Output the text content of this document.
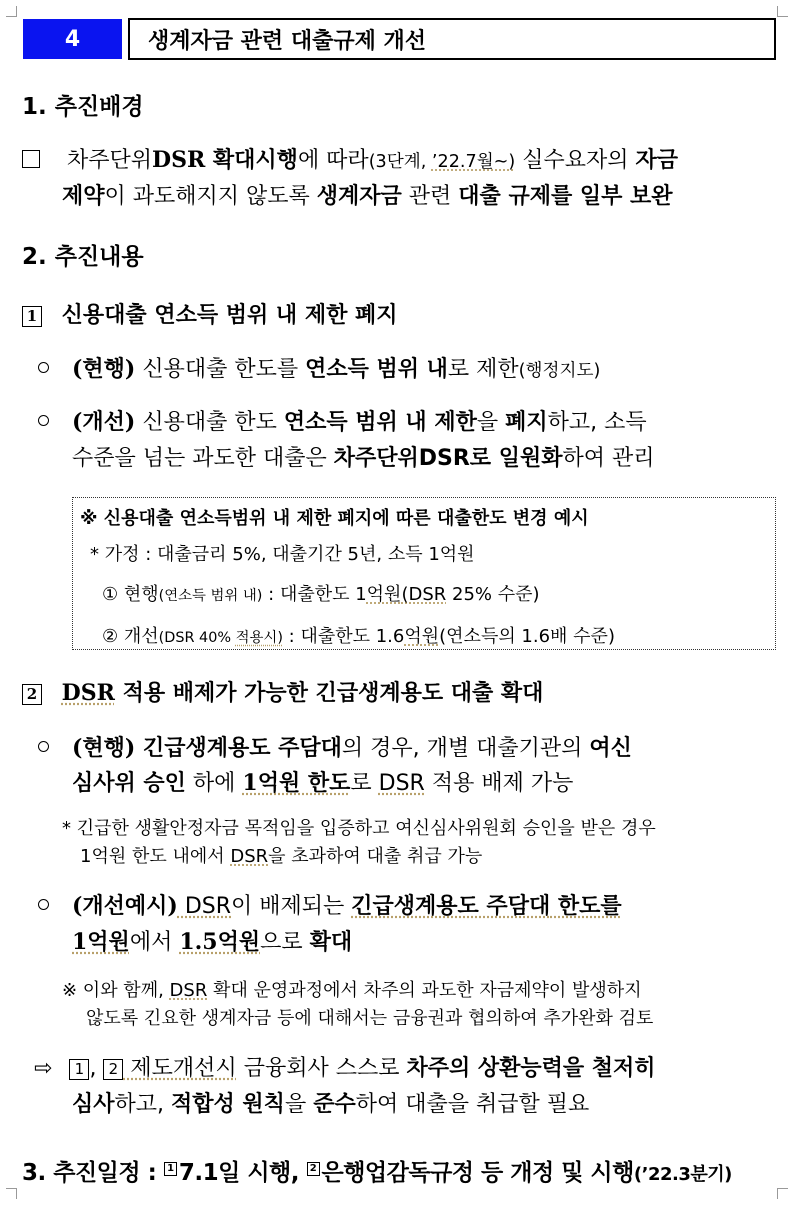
4	생계자금 관련 대출규제 개선
1. 추진배경
차주단위DSR 확대시행에 따라(3단계, ’22.7월~) 실수요자의 자금
제약이 과도해지지 않도록 생계자금 관련 대출 규제를 일부 보완
2. 추진내용
1 신용대출 연소득 범위 내 제한 폐지
(현행) 신용대출 한도를 연소득 범위 내로 제한(행정지도)
(개선) 신용대출 한도 연소득 범위 내 제한을 폐지하고, 소득
수준을 넘는 과도한 대출은 차주단위DSR로 일원화하여 관리
※ 신용대출 연소득범위 내 제한 폐지에 따른 대출한도 변경 예시
* 가정 : 대출금리 5%, 대출기간 5년, 소득 1억원
① 현행(연소득 범위 내) : 대출한도 1억원(DSR 25% 수준)
② 개선(DSR 40% 적용시) : 대출한도 1.6억원(연소득의 1.6배 수준)
2 DSR 적용 배제가 가능한 긴급생계용도 대출 확대
(현행) 긴급생계용도 주담대의 경우, 개별 대출기관의 여신
심사위 승인 하에 1억원 한도로 DSR 적용 배제 가능
* 긴급한 생활안정자금 목적임을 입증하고 여신심사위원회 승인을 받은 경우
1억원 한도 내에서 DSR을 초과하여 대출 취급 가능
(개선예시) DSR이 배제되는 긴급생계용도 주담대 한도를
1억원에서 1.5억원으로 확대
※ 이와 함께, DSR 확대 운영과정에서 차주의 과도한 자금제약이 발생하지
않도록 긴요한 생계자금 등에 대해서는 금융권과 협의하여 추가완화 검토
⇨ 1 , 2 제도개선시 금융회사 스스로 차주의 상환능력을 철저히
심사하고, 적합성 원칙을 준수하여 대출을 취급할 필요
3. 추진일정 : 1 7.1일 시행, 2 은행업감독규정 등 개정 및 시행(’22.3분기)
